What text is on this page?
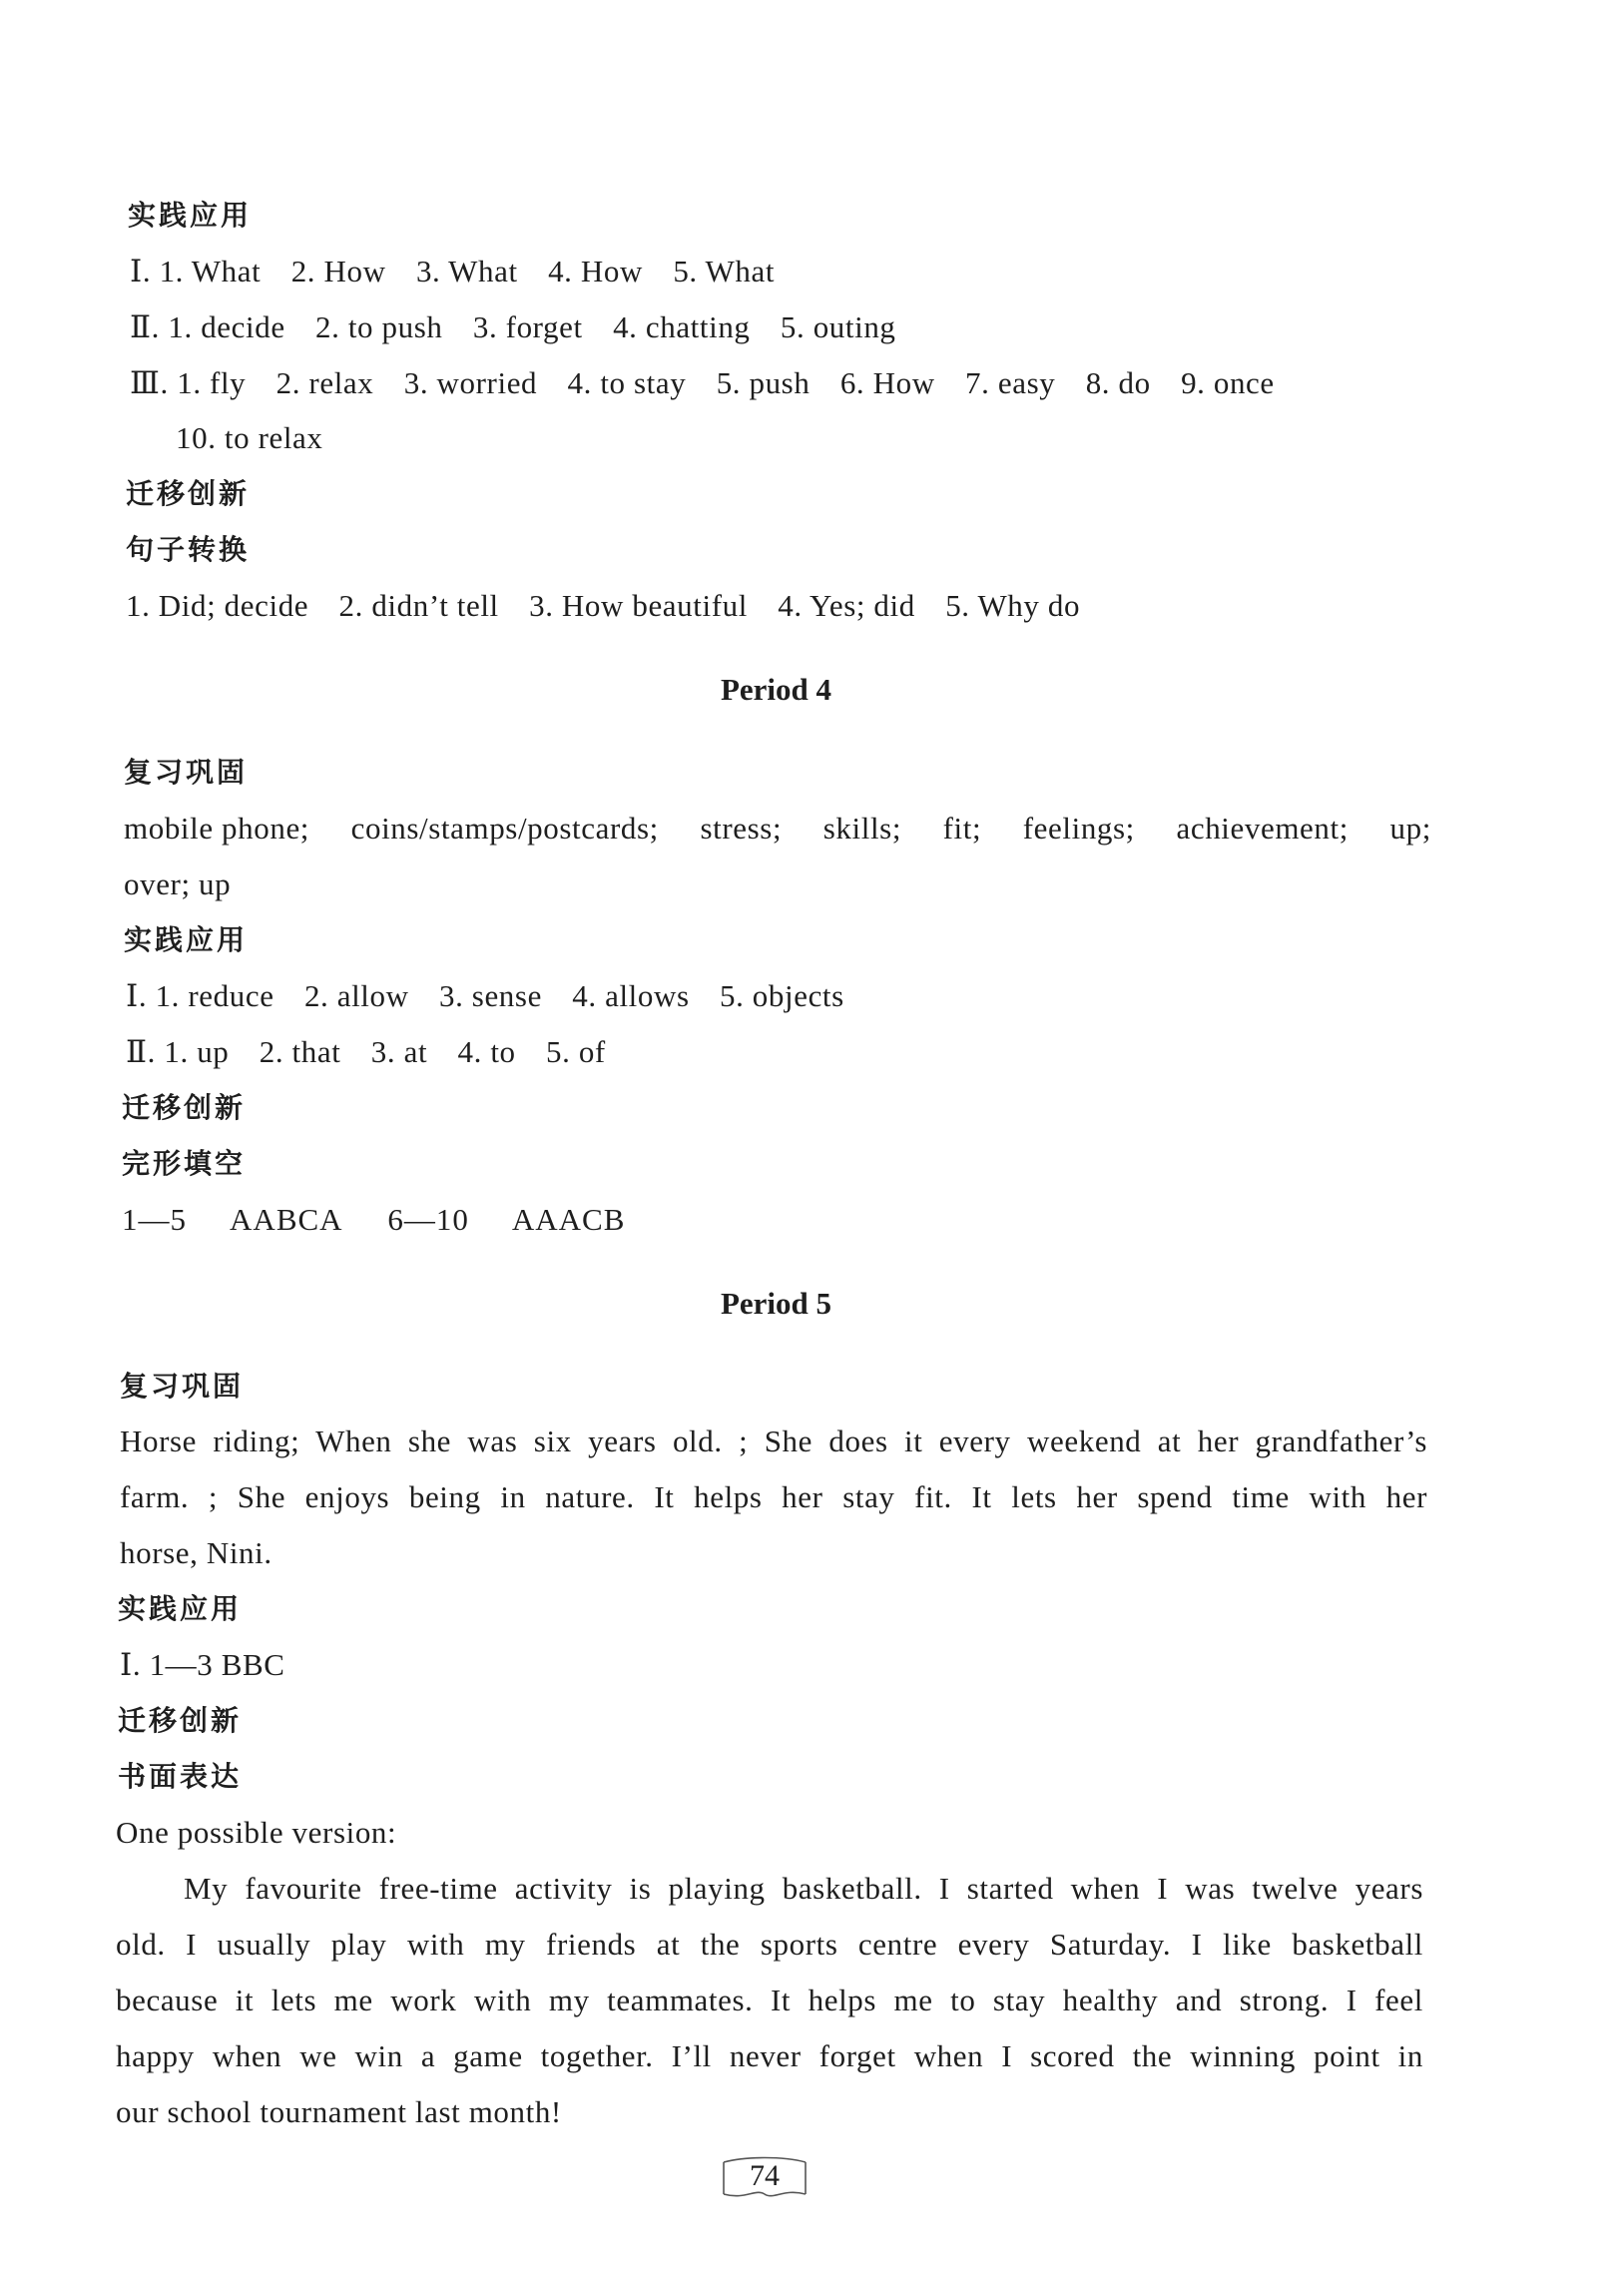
实践应用
Ⅰ. 1. What 2. How 3. What 4. How 5. What
Ⅱ. 1. decide 2. to push 3. forget 4. chatting 5. outing
Ⅲ. 1. fly 2. relax 3. worried 4. to stay 5. push 6. How 7. easy 8. do 9. once
10. to relax
迁移创新
句子转换
1. Did; decide 2. didn’t tell 3. How beautiful 4. Yes; did 5. Why do
Period 4
复习巩固
mobile phone; coins/stamps/postcards; stress; skills; fit; feelings; achievement; up;
over; up
实践应用
Ⅰ. 1. reduce 2. allow 3. sense 4. allows 5. objects
Ⅱ. 1. up 2. that 3. at 4. to 5. of
迁移创新
完形填空
1—5 AABCA 6—10 AAACB
Period 5
复习巩固
Horse riding; When she was six years old. ; She does it every weekend at her grandfather’s
farm. ; She enjoys being in nature. It helps her stay fit. It lets her spend time with her
horse, Nini.
实践应用
Ⅰ. 1—3 BBC
迁移创新
书面表达
One possible version:
My favourite free-time activity is playing basketball. I started when I was twelve years
old. I usually play with my friends at the sports centre every Saturday. I like basketball
because it lets me work with my teammates. It helps me to stay healthy and strong. I feel
happy when we win a game together. I’ll never forget when I scored the winning point in
our school tournament last month!
74
